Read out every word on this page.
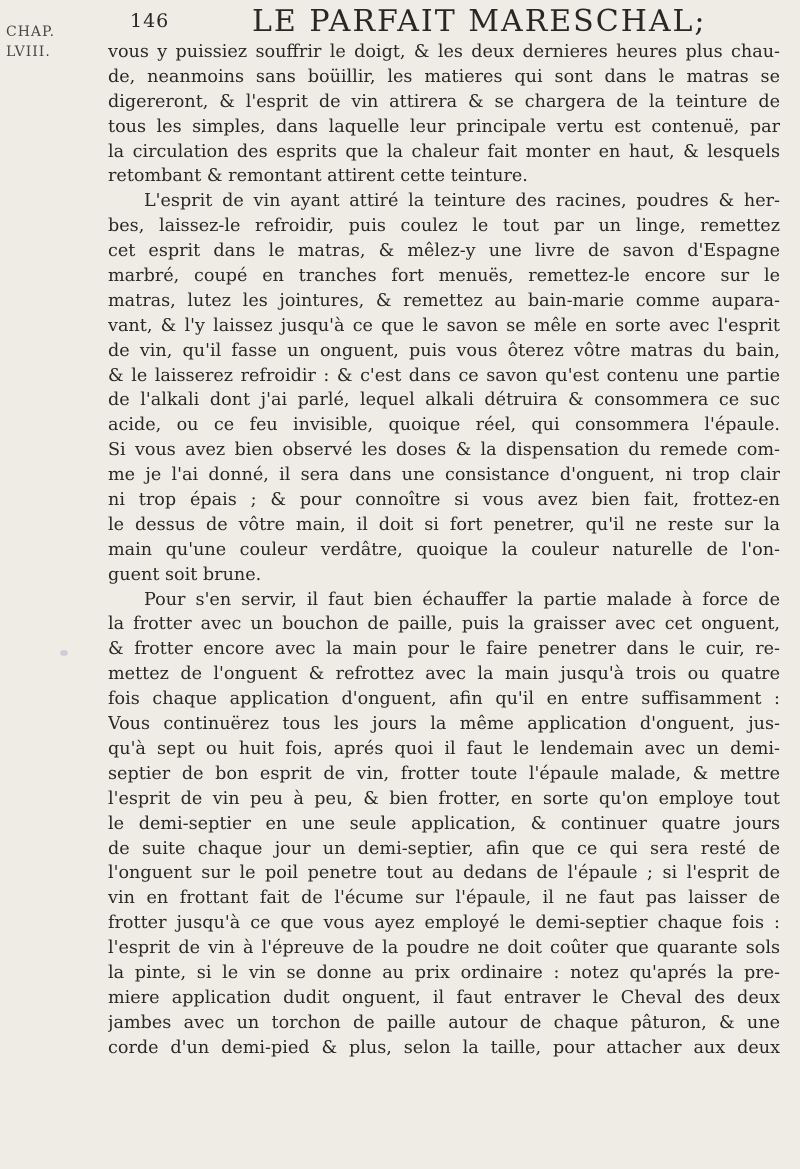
146	LE PARFAIT MARESCHAL;
CHAP.
LVIII.	vous y puissiez souffrir le doigt, & les deux dernieres heures plus chau-
de, neanmoins sans boüillir, les matieres qui sont dans le matras se
digereront, & l'esprit de vin attirera & se chargera de la teinture de
tous les simples, dans laquelle leur principale vertu est contenuë, par
la circulation des esprits que la chaleur fait monter en haut, & lesquels
retombant & remontant attirent cette teinture.
L'esprit de vin ayant attiré la teinture des racines, poudres & her-
bes, laissez-le refroidir, puis coulez le tout par un linge, remettez
cet esprit dans le matras, & mêlez-y une livre de savon d'Espagne
marbré, coupé en tranches fort menuës, remettez-le encore sur le
matras, lutez les jointures, & remettez au bain-marie comme aupara-
vant, & l'y laissez jusqu'à ce que le savon se mêle en sorte avec l'esprit
de vin, qu'il fasse un onguent, puis vous ôterez vôtre matras du bain,
& le laisserez refroidir : & c'est dans ce savon qu'est contenu une partie
de l'alkali dont j'ai parlé, lequel alkali détruira & consommera ce suc
acide, ou ce feu invisible, quoique réel, qui consommera l'épaule.
Si vous avez bien observé les doses & la dispensation du remede com-
me je l'ai donné, il sera dans une consistance d'onguent, ni trop clair
ni trop épais ; & pour connoître si vous avez bien fait, frottez-en
le dessus de vôtre main, il doit si fort penetrer, qu'il ne reste sur la
main qu'une couleur verdâtre, quoique la couleur naturelle de l'on-
guent soit brune.
Pour s'en servir, il faut bien échauffer la partie malade à force de
la frotter avec un bouchon de paille, puis la graisser avec cet onguent,
& frotter encore avec la main pour le faire penetrer dans le cuir, re-
mettez de l'onguent & refrottez avec la main jusqu'à trois ou quatre
fois chaque application d'onguent, afin qu'il en entre suffisamment :
Vous continuërez tous les jours la même application d'onguent, jus-
qu'à sept ou huit fois, aprés quoi il faut le lendemain avec un demi-
septier de bon esprit de vin, frotter toute l'épaule malade, & mettre
l'esprit de vin peu à peu, & bien frotter, en sorte qu'on employe tout
le demi-septier en une seule application, & continuer quatre jours
de suite chaque jour un demi-septier, afin que ce qui sera resté de
l'onguent sur le poil penetre tout au dedans de l'épaule ; si l'esprit de
vin en frottant fait de l'écume sur l'épaule, il ne faut pas laisser de
frotter jusqu'à ce que vous ayez employé le demi-septier chaque fois :
l'esprit de vin à l'épreuve de la poudre ne doit coûter que quarante sols
la pinte, si le vin se donne au prix ordinaire : notez qu'aprés la pre-
miere application dudit onguent, il faut entraver le Cheval des deux
jambes avec un torchon de paille autour de chaque pâturon, & une
corde d'un demi-pied & plus, selon la taille, pour attacher aux deux
